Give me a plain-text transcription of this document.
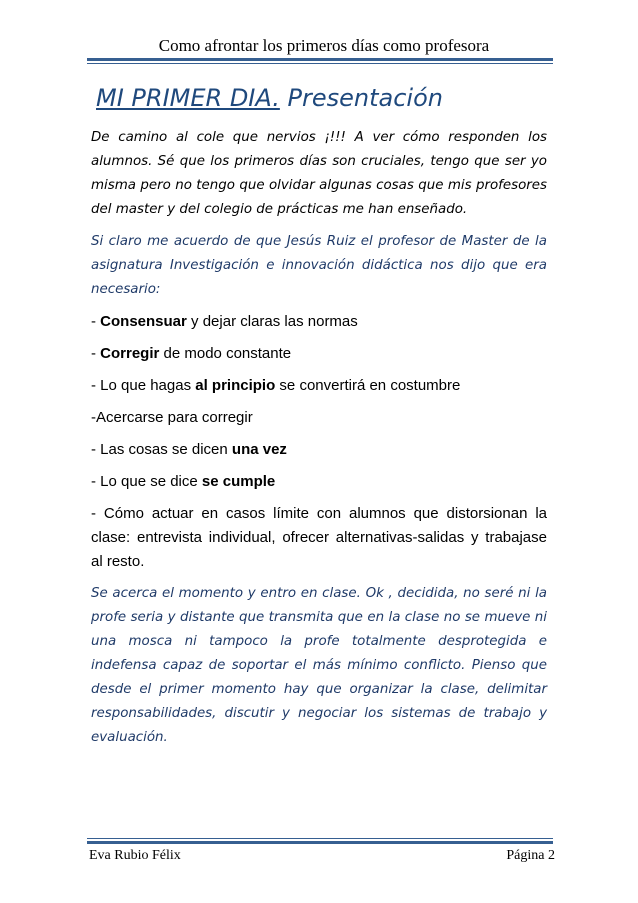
Como afrontar los primeros días como profesora
MI PRIMER DIA. Presentación

De camino al cole que nervios ¡!!! A ver cómo responden los alumnos. Sé que los primeros días son cruciales, tengo que ser yo misma pero no tengo que olvidar algunas cosas que mis profesores del master y del colegio de prácticas me han enseñado.

Si claro me acuerdo de que Jesús Ruiz el profesor de Master de la asignatura Investigación e innovación didáctica nos dijo que era necesario:

- Consensuar y dejar claras las normas

- Corregir de modo constante

- Lo que hagas al principio se convertirá en costumbre

-Acercarse para corregir

- Las cosas se dicen una vez

- Lo que se dice se cumple

- Cómo actuar en casos límite con alumnos que distorsionan la clase: entrevista individual, ofrecer alternativas-salidas y trabajase al resto.

Se acerca el momento y entro en clase. Ok , decidida, no seré ni la profe seria y distante que transmita que en la clase no se mueve ni una mosca ni tampoco la profe totalmente desprotegida e indefensa capaz de soportar el más mínimo conflicto. Pienso que desde el primer momento hay que organizar la clase, delimitar responsabilidades, discutir y negociar los sistemas de trabajo y evaluación.

Eva Rubio Félix	Página 2
